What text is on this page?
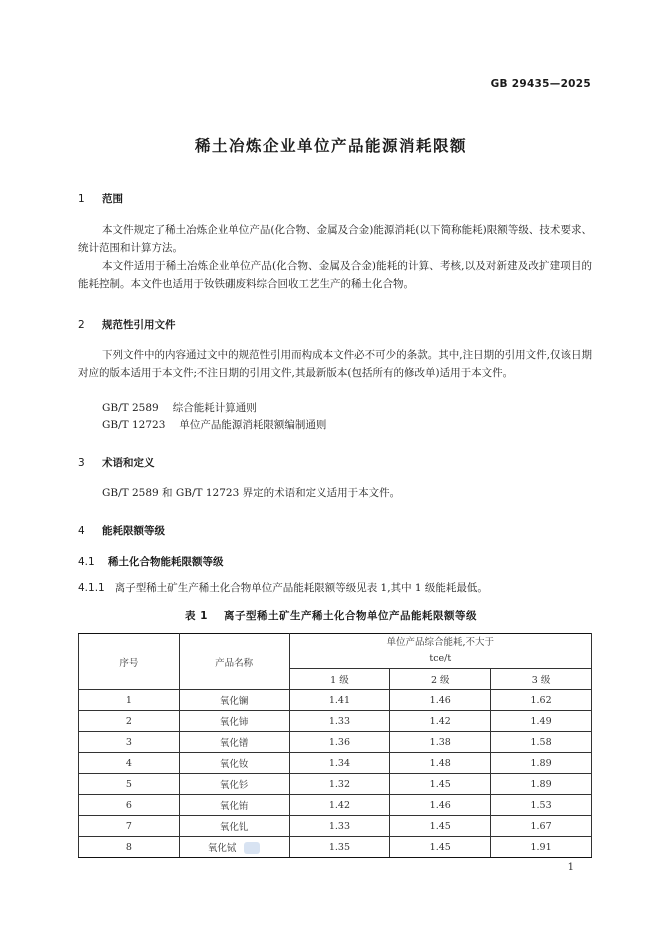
GB 29435—2025
稀土冶炼企业单位产品能源消耗限额
1 范围
本文件规定了稀土冶炼企业单位产品(化合物、金属及合金)能源消耗(以下简称能耗)限额等级、技术要求、统计范围和计算方法。
本文件适用于稀土冶炼企业单位产品(化合物、金属及合金)能耗的计算、考核,以及对新建及改扩建项目的能耗控制。本文件也适用于钕铁硼废料综合回收工艺生产的稀土化合物。
2 规范性引用文件
下列文件中的内容通过文中的规范性引用而构成本文件必不可少的条款。其中,注日期的引用文件,仅该日期对应的版本适用于本文件;不注日期的引用文件,其最新版本(包括所有的修改单)适用于本文件。
GB/T 2589 综合能耗计算通则
GB/T 12723 单位产品能源消耗限额编制通则
3 术语和定义
GB/T 2589 和 GB/T 12723 界定的术语和定义适用于本文件。
4 能耗限额等级
4.1 稀土化合物能耗限额等级
4.1.1 离子型稀土矿生产稀土化合物单位产品能耗限额等级见表 1,其中 1 级能耗最低。
表 1 离子型稀土矿生产稀土化合物单位产品能耗限额等级
序号	产品名称	单位产品综合能耗,不大于
tce/t		

		1 级	2 级	3 级
1	氧化镧	1.41	1.46	1.62
2	氧化铈	1.33	1.42	1.49
3	氧化镨	1.36	1.38	1.58
4	氧化钕	1.34	1.48	1.89
5	氧化钐	1.32	1.45	1.89
6	氧化铕	1.42	1.46	1.53
7	氧化钆	1.33	1.45	1.67
8	氧化铽	1.35	1.45	1.91
1
